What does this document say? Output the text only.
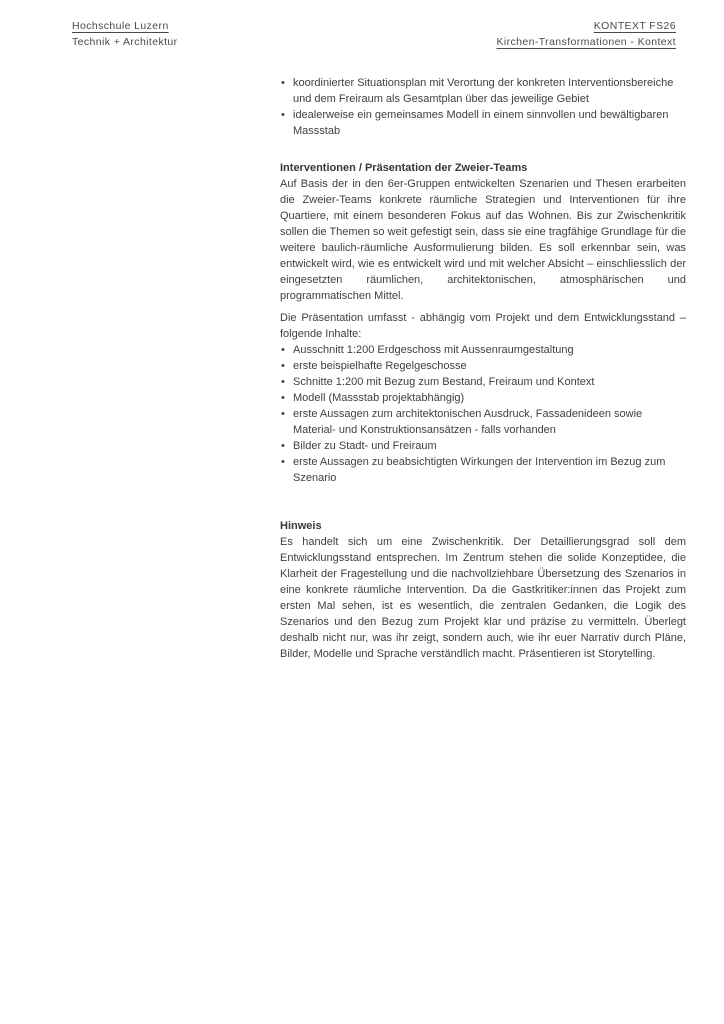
Hochschule Luzern
Technik + Architektur
KONTEXT FS26
Kirchen-Transformationen - Kontext
• koordinierter Situationsplan mit Verortung der konkreten Interventionsbereiche und dem Freiraum als Gesamtplan über das jeweilige Gebiet
• idealerweise ein gemeinsames Modell in einem sinnvollen und bewältigbaren Massstab
Interventionen / Präsentation der Zweier-Teams

Auf Basis der in den 6er-Gruppen entwickelten Szenarien und Thesen erarbeiten die Zweier-Teams konkrete räumliche Strategien und Interventionen für ihre Quartiere, mit einem besonderen Fokus auf das Wohnen. Bis zur Zwischenkritik sollen die Themen so weit gefestigt sein, dass sie eine tragfähige Grundlage für die weitere baulich-räumliche Ausformulierung bilden. Es soll erkennbar sein, was entwickelt wird, wie es entwickelt wird und mit welcher Absicht – einschliesslich der eingesetzten räumlichen, architektonischen, atmosphärischen und programmatischen Mittel.

Die Präsentation umfasst - abhängig vom Projekt und dem Entwicklungsstand – folgende Inhalte:

• Ausschnitt 1:200 Erdgeschoss mit Aussenraumgestaltung
• erste beispielhafte Regelgeschosse
• Schnitte 1:200 mit Bezug zum Bestand, Freiraum und Kontext
• Modell (Massstab projektabhängig)
• erste Aussagen zum architektonischen Ausdruck, Fassadenideen sowie Material- und Konstruktionsansätzen - falls vorhanden
• Bilder zu Stadt- und Freiraum
• erste Aussagen zu beabsichtigten Wirkungen der Intervention im Bezug zum Szenario
Hinweis

Es handelt sich um eine Zwischenkritik. Der Detaillierungsgrad soll dem Entwicklungsstand entsprechen. Im Zentrum stehen die solide Konzeptidee, die Klarheit der Fragestellung und die nachvollziehbare Übersetzung des Szenarios in eine konkrete räumliche Intervention. Da die Gastkritiker:innen das Projekt zum ersten Mal sehen, ist es wesentlich, die zentralen Gedanken, die Logik des Szenarios und den Bezug zum Projekt klar und präzise zu vermitteln. Überlegt deshalb nicht nur, was ihr zeigt, sondern auch, wie ihr euer Narrativ durch Pläne, Bilder, Modelle und Sprache verständlich macht. Präsentieren ist Storytelling.
